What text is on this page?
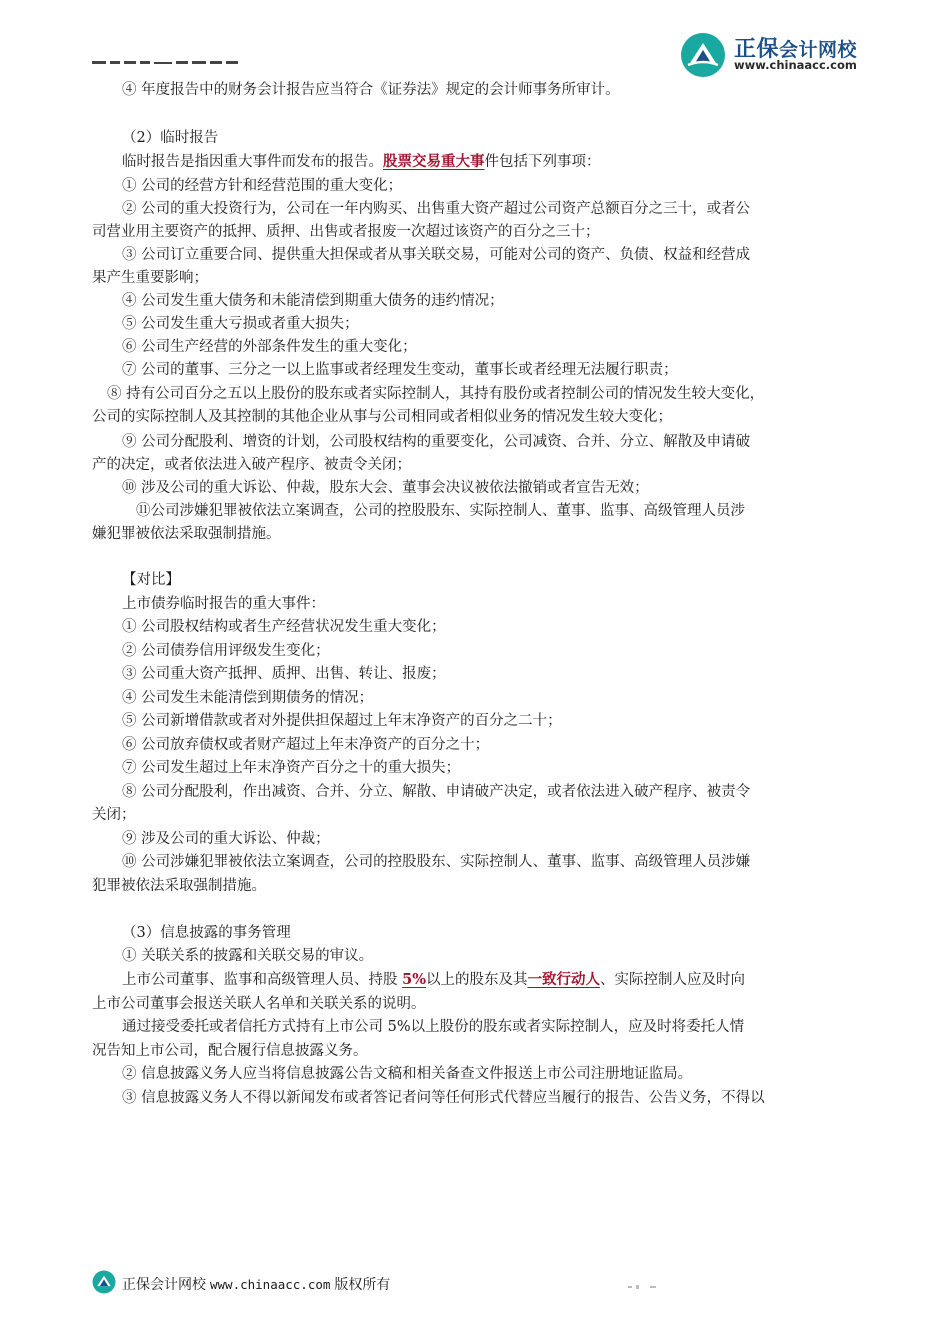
正保会计网校
www.chinaacc.com
④ 年度报告中的财务会计报告应当符合《证券法》规定的会计师事务所审计。
（2）临时报告
临时报告是指因重大事件而发布的报告。股票交易重大事件包括下列事项：
① 公司的经营方针和经营范围的重大变化；
② 公司的重大投资行为，公司在一年内购买、出售重大资产超过公司资产总额百分之三十，或者公
司营业用主要资产的抵押、质押、出售或者报废一次超过该资产的百分之三十；
③ 公司订立重要合同、提供重大担保或者从事关联交易，可能对公司的资产、负债、权益和经营成
果产生重要影响；
④ 公司发生重大债务和未能清偿到期重大债务的违约情况；
⑤ 公司发生重大亏损或者重大损失；
⑥ 公司生产经营的外部条件发生的重大变化；
⑦ 公司的董事、三分之一以上监事或者经理发生变动，董事长或者经理无法履行职责；
⑧ 持有公司百分之五以上股份的股东或者实际控制人，其持有股份或者控制公司的情况发生较大变化，
公司的实际控制人及其控制的其他企业从事与公司相同或者相似业务的情况发生较大变化；
⑨ 公司分配股利、增资的计划，公司股权结构的重要变化，公司减资、合并、分立、解散及申请破
产的决定，或者依法进入破产程序、被责令关闭；
⑩ 涉及公司的重大诉讼、仲裁，股东大会、董事会决议被依法撤销或者宣告无效；
⑪公司涉嫌犯罪被依法立案调查，公司的控股股东、实际控制人、董事、监事、高级管理人员涉
嫌犯罪被依法采取强制措施。
【对比】
上市债券临时报告的重大事件：
① 公司股权结构或者生产经营状况发生重大变化；
② 公司债券信用评级发生变化；
③ 公司重大资产抵押、质押、出售、转让、报废；
④ 公司发生未能清偿到期债务的情况；
⑤ 公司新增借款或者对外提供担保超过上年末净资产的百分之二十；
⑥ 公司放弃债权或者财产超过上年末净资产的百分之十；
⑦ 公司发生超过上年末净资产百分之十的重大损失；
⑧ 公司分配股利，作出减资、合并、分立、解散、申请破产决定，或者依法进入破产程序、被责令
关闭；
⑨ 涉及公司的重大诉讼、仲裁；
⑩ 公司涉嫌犯罪被依法立案调查，公司的控股股东、实际控制人、董事、监事、高级管理人员涉嫌
犯罪被依法采取强制措施。
（3）信息披露的事务管理
① 关联关系的披露和关联交易的审议。
上市公司董事、监事和高级管理人员、持股 5%以上的股东及其一致行动人、实际控制人应及时向
上市公司董事会报送关联人名单和关联关系的说明。
通过接受委托或者信托方式持有上市公司 5%以上股份的股东或者实际控制人，应及时将委托人情
况告知上市公司，配合履行信息披露义务。
② 信息披露义务人应当将信息披露公告文稿和相关备查文件报送上市公司注册地证监局。
③ 信息披露义务人不得以新闻发布或者答记者问等任何形式代替应当履行的报告、公告义务，不得以
正保会计网校 www.chinaacc.com 版权所有
